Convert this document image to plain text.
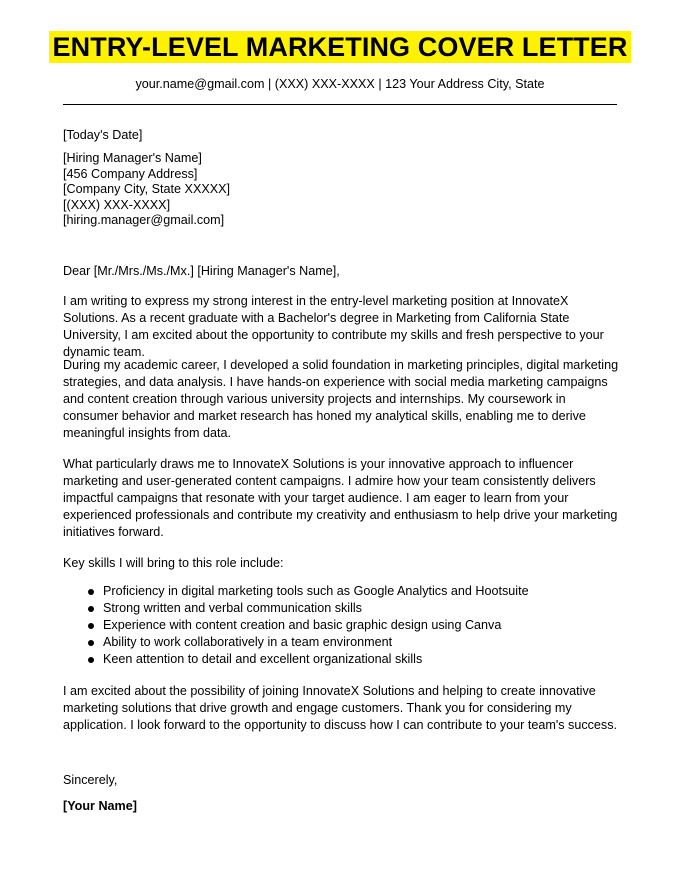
ENTRY-LEVEL MARKETING COVER LETTER
your.name@gmail.com | (XXX) XXX-XXXX | 123 Your Address City, State
[Today's Date]
[Hiring Manager's Name]
[456 Company Address]
[Company City, State XXXXX]
[(XXX) XXX-XXXX]
[hiring.manager@gmail.com]
Dear [Mr./Mrs./Ms./Mx.] [Hiring Manager's Name],
I am writing to express my strong interest in the entry-level marketing position at InnovateX Solutions. As a recent graduate with a Bachelor's degree in Marketing from California State University, I am excited about the opportunity to contribute my skills and fresh perspective to your dynamic team.
During my academic career, I developed a solid foundation in marketing principles, digital marketing strategies, and data analysis. I have hands-on experience with social media marketing campaigns and content creation through various university projects and internships. My coursework in consumer behavior and market research has honed my analytical skills, enabling me to derive meaningful insights from data.
What particularly draws me to InnovateX Solutions is your innovative approach to influencer marketing and user-generated content campaigns. I admire how your team consistently delivers impactful campaigns that resonate with your target audience. I am eager to learn from your experienced professionals and contribute my creativity and enthusiasm to help drive your marketing initiatives forward.
Key skills I will bring to this role include:
Proficiency in digital marketing tools such as Google Analytics and Hootsuite
Strong written and verbal communication skills
Experience with content creation and basic graphic design using Canva
Ability to work collaboratively in a team environment
Keen attention to detail and excellent organizational skills
I am excited about the possibility of joining InnovateX Solutions and helping to create innovative marketing solutions that drive growth and engage customers. Thank you for considering my application. I look forward to the opportunity to discuss how I can contribute to your team's success.
Sincerely,
[Your Name]
